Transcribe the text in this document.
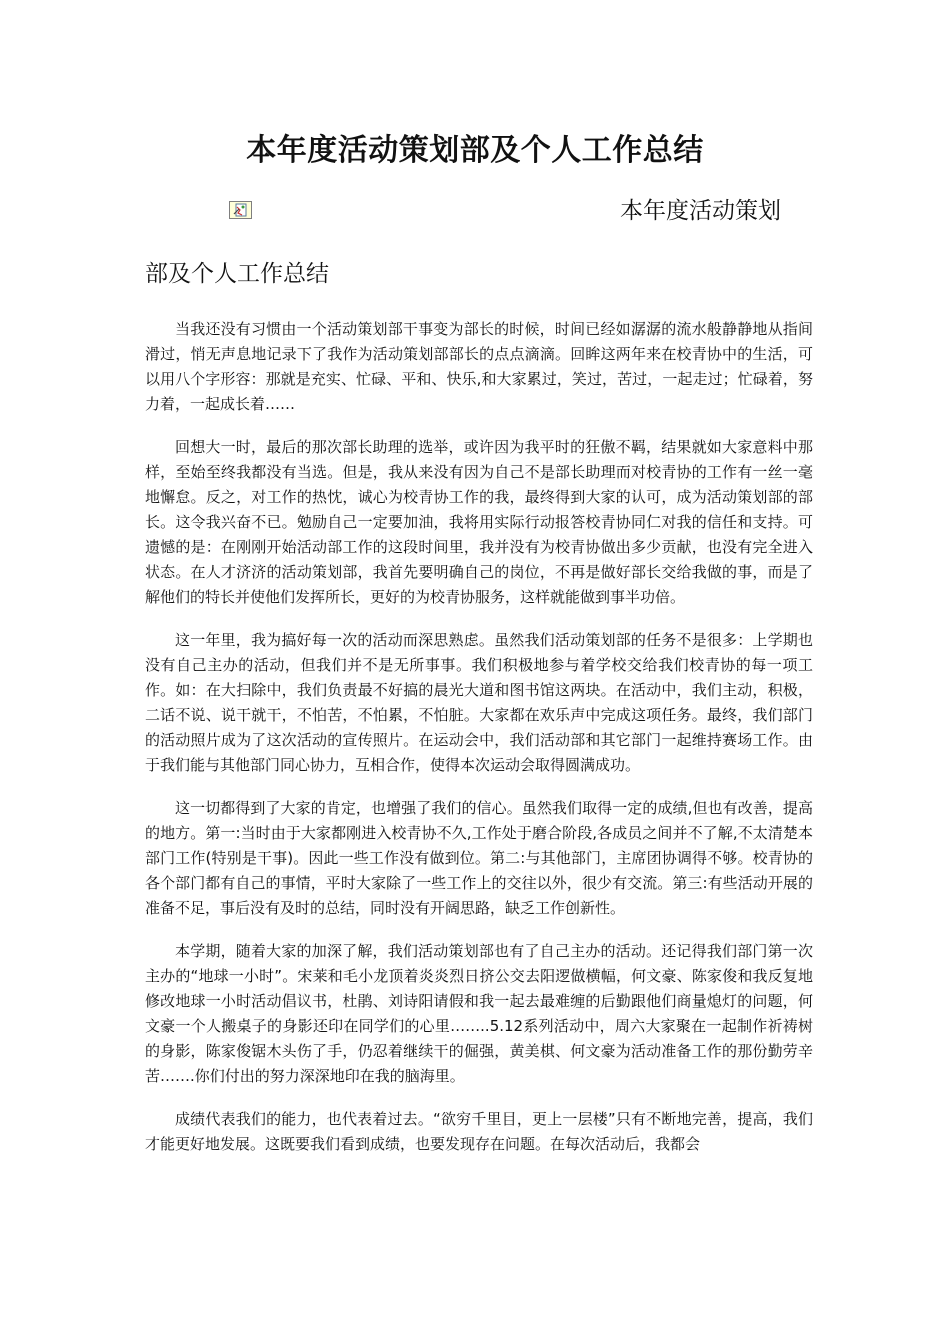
本年度活动策划部及个人工作总结

本年度活动策划

部及个人工作总结

当我还没有习惯由一个活动策划部干事变为部长的时候，时间已经如潺潺的流水般静静地从指间滑过，悄无声息地记录下了我作为活动策划部部长的点点滴滴。回眸这两年来在校青协中的生活，可以用八个字形容：那就是充实、忙碌、平和、快乐,和大家累过，笑过，苦过，一起走过；忙碌着，努力着，一起成长着……

回想大一时，最后的那次部长助理的选举，或许因为我平时的狂傲不羁，结果就如大家意料中那样，至始至终我都没有当选。但是，我从来没有因为自己不是部长助理而对校青协的工作有一丝一毫地懈怠。反之，对工作的热忱，诚心为校青协工作的我，最终得到大家的认可，成为活动策划部的部长。这令我兴奋不已。勉励自己一定要加油，我将用实际行动报答校青协同仁对我的信任和支持。可遗憾的是：在刚刚开始活动部工作的这段时间里，我并没有为校青协做出多少贡献，也没有完全进入状态。在人才济济的活动策划部，我首先要明确自己的岗位，不再是做好部长交给我做的事，而是了解他们的特长并使他们发挥所长，更好的为校青协服务，这样就能做到事半功倍。

这一年里，我为搞好每一次的活动而深思熟虑。虽然我们活动策划部的任务不是很多：上学期也没有自己主办的活动，但我们并不是无所事事。我们积极地参与着学校交给我们校青协的每一项工作。如：在大扫除中，我们负责最不好搞的晨光大道和图书馆这两块。在活动中，我们主动，积极，二话不说、说干就干，不怕苦，不怕累，不怕脏。大家都在欢乐声中完成这项任务。最终，我们部门的活动照片成为了这次活动的宣传照片。在运动会中，我们活动部和其它部门一起维持赛场工作。由于我们能与其他部门同心协力，互相合作，使得本次运动会取得圆满成功。

这一切都得到了大家的肯定，也增强了我们的信心。虽然我们取得一定的成绩,但也有改善，提高的地方。第一:当时由于大家都刚进入校青协不久,工作处于磨合阶段,各成员之间并不了解,不太清楚本部门工作(特别是干事)。因此一些工作没有做到位。第二:与其他部门，主席团协调得不够。校青协的各个部门都有自己的事情，平时大家除了一些工作上的交往以外，很少有交流。第三:有些活动开展的准备不足，事后没有及时的总结，同时没有开阔思路，缺乏工作创新性。

本学期，随着大家的加深了解，我们活动策划部也有了自己主办的活动。还记得我们部门第一次主办的“地球一小时”。宋莱和毛小龙顶着炎炎烈日挤公交去阳逻做横幅，何文豪、陈家俊和我反复地修改地球一小时活动倡议书，杜鹃、刘诗阳请假和我一起去最难缠的后勤跟他们商量熄灯的问题，何文豪一个人搬桌子的身影还印在同学们的心里……..5.12系列活动中，周六大家聚在一起制作祈祷树的身影，陈家俊锯木头伤了手，仍忍着继续干的倔强，黄美棋、何文豪为活动准备工作的那份勤劳辛苦…….你们付出的努力深深地印在我的脑海里。

成绩代表我们的能力，也代表着过去。“欲穷千里目，更上一层楼”只有不断地完善，提高，我们才能更好地发展。这既要我们看到成绩，也要发现存在问题。在每次活动后，我都会
